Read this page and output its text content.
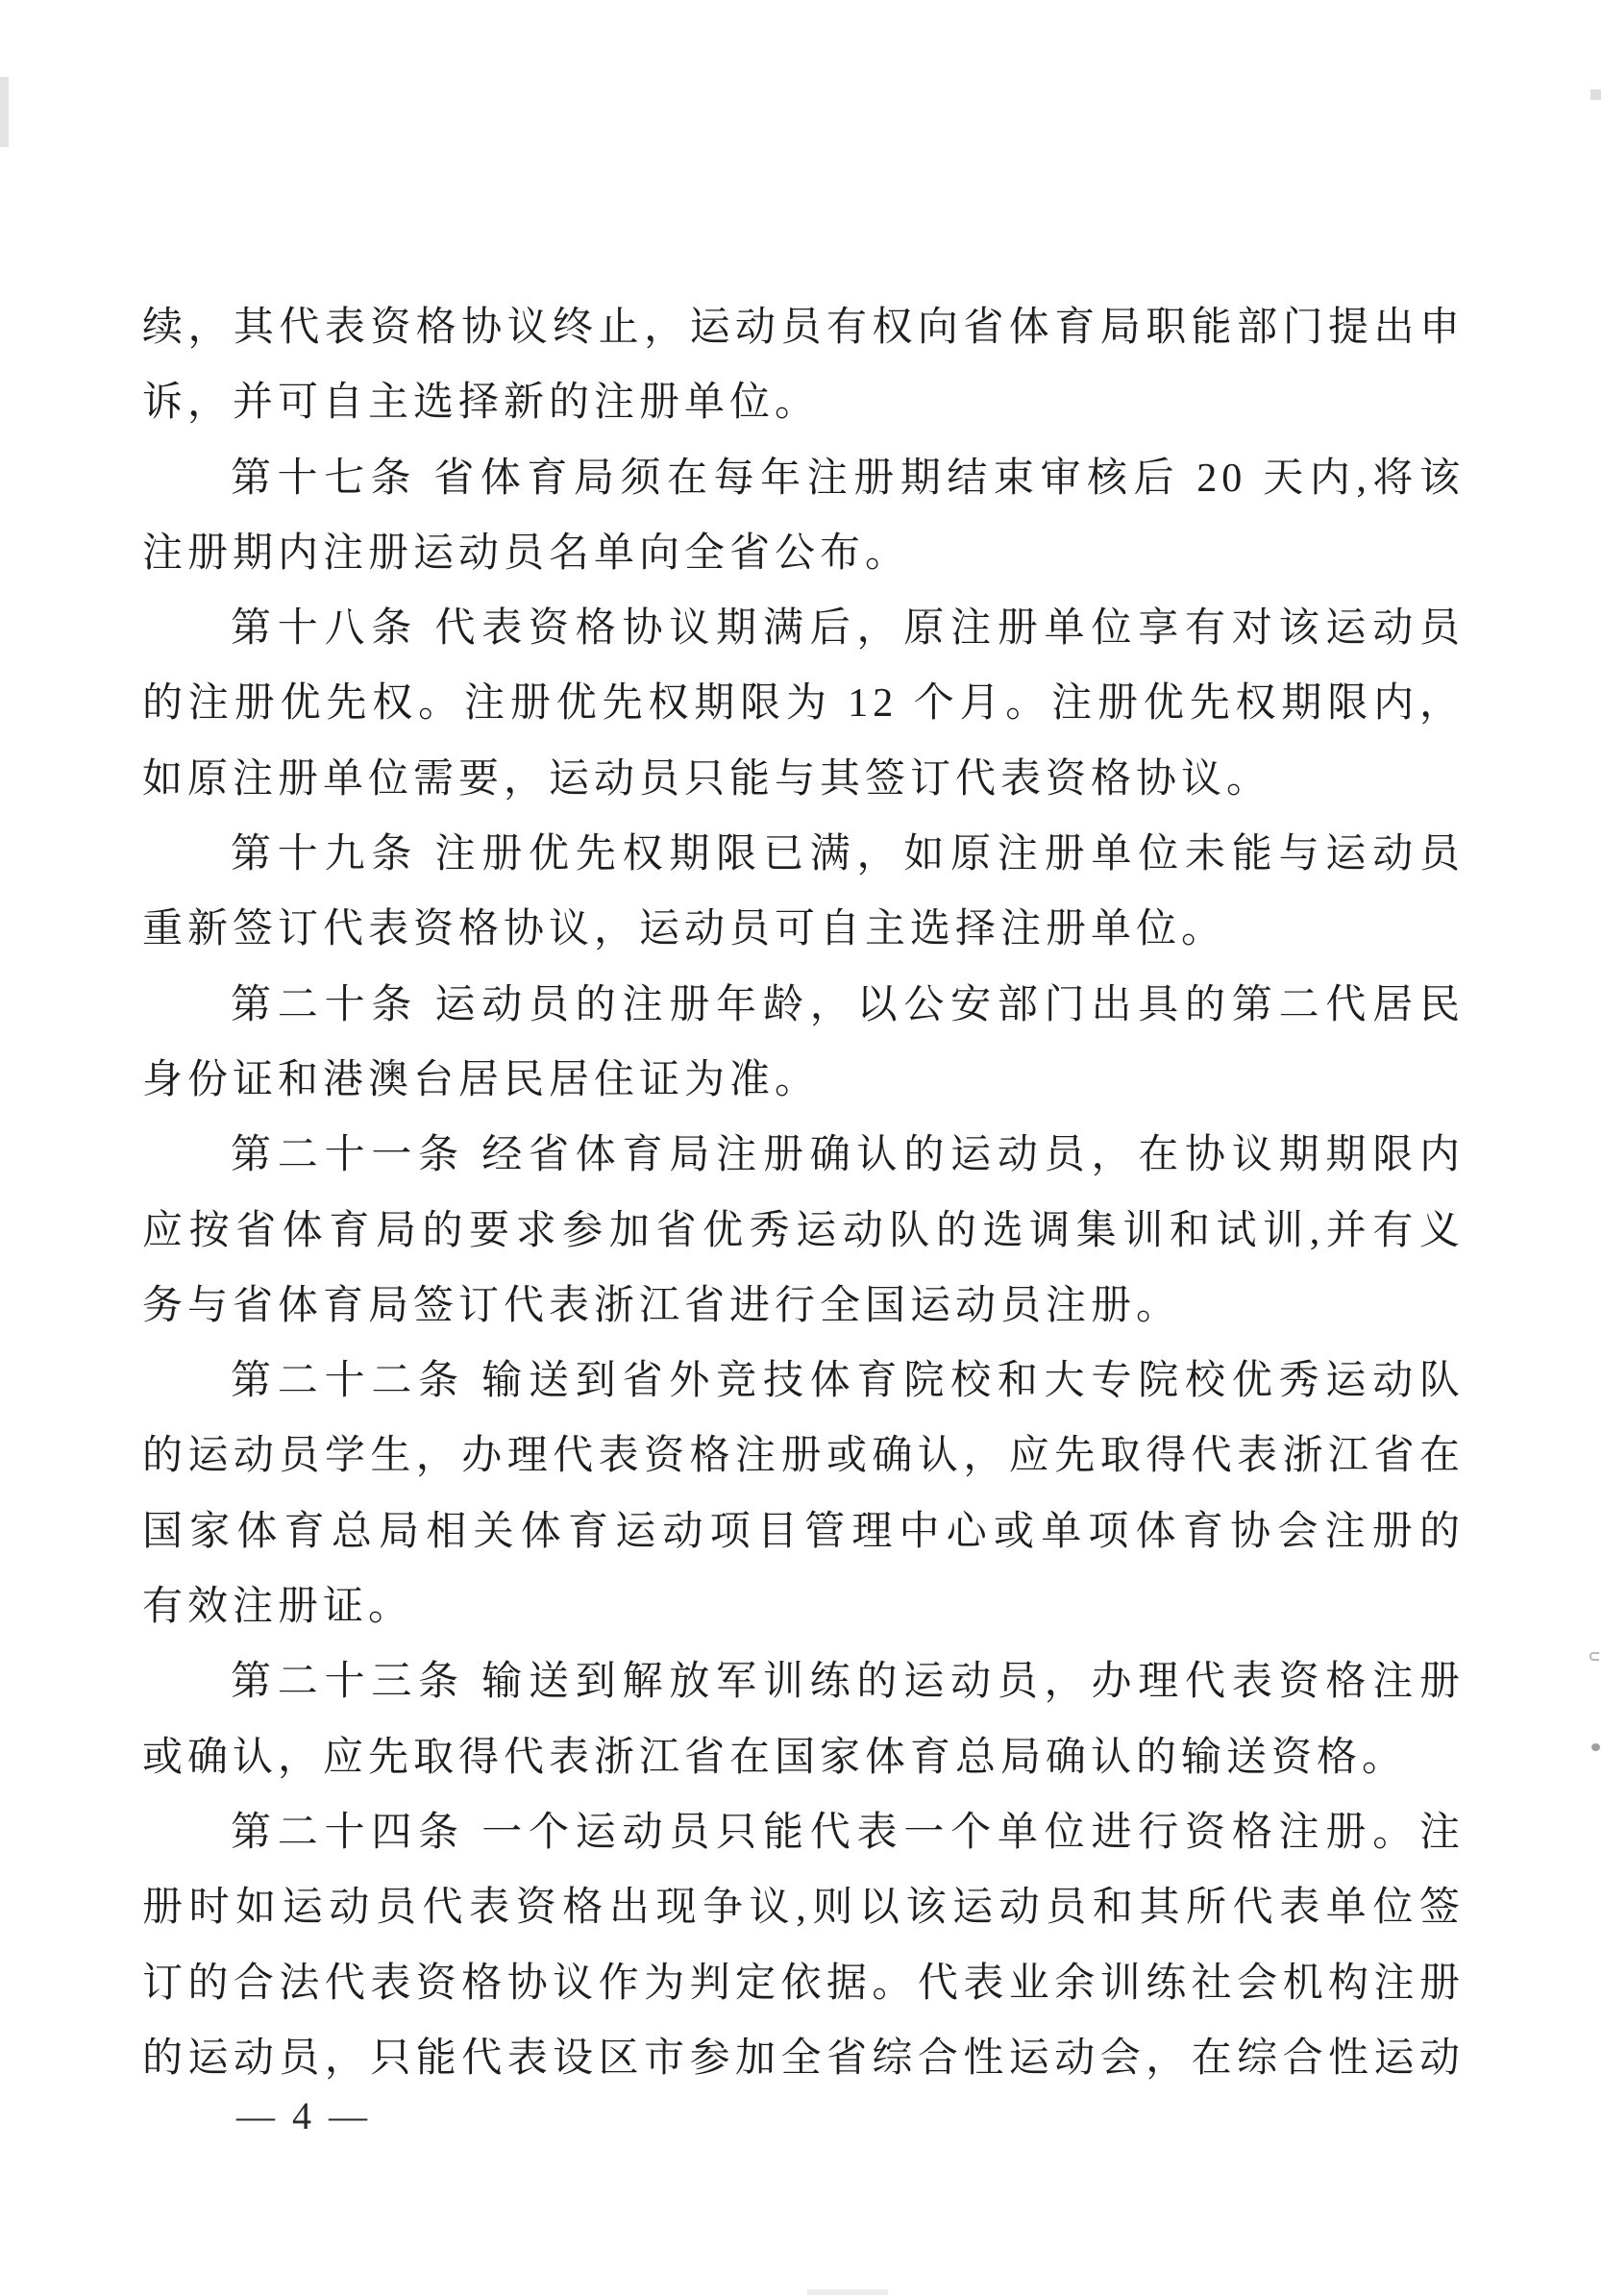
续，其代表资格协议终止，运动员有权向省体育局职能部门提出申
诉，并可自主选择新的注册单位。
第十七条 省体育局须在每年注册期结束审核后 20 天内,将该
注册期内注册运动员名单向全省公布。
第十八条 代表资格协议期满后，原注册单位享有对该运动员
的注册优先权。注册优先权期限为 12 个月。注册优先权期限内，
如原注册单位需要，运动员只能与其签订代表资格协议。
第十九条 注册优先权期限已满，如原注册单位未能与运动员
重新签订代表资格协议，运动员可自主选择注册单位。
第二十条 运动员的注册年龄，以公安部门出具的第二代居民
身份证和港澳台居民居住证为准。
第二十一条 经省体育局注册确认的运动员，在协议期期限内
应按省体育局的要求参加省优秀运动队的选调集训和试训,并有义
务与省体育局签订代表浙江省进行全国运动员注册。
第二十二条 输送到省外竞技体育院校和大专院校优秀运动队
的运动员学生，办理代表资格注册或确认，应先取得代表浙江省在
国家体育总局相关体育运动项目管理中心或单项体育协会注册的
有效注册证。
第二十三条 输送到解放军训练的运动员，办理代表资格注册
或确认，应先取得代表浙江省在国家体育总局确认的输送资格。
第二十四条 一个运动员只能代表一个单位进行资格注册。注
册时如运动员代表资格出现争议,则以该运动员和其所代表单位签
订的合法代表资格协议作为判定依据。代表业余训练社会机构注册
的运动员，只能代表设区市参加全省综合性运动会，在综合性运动
— 4 —
